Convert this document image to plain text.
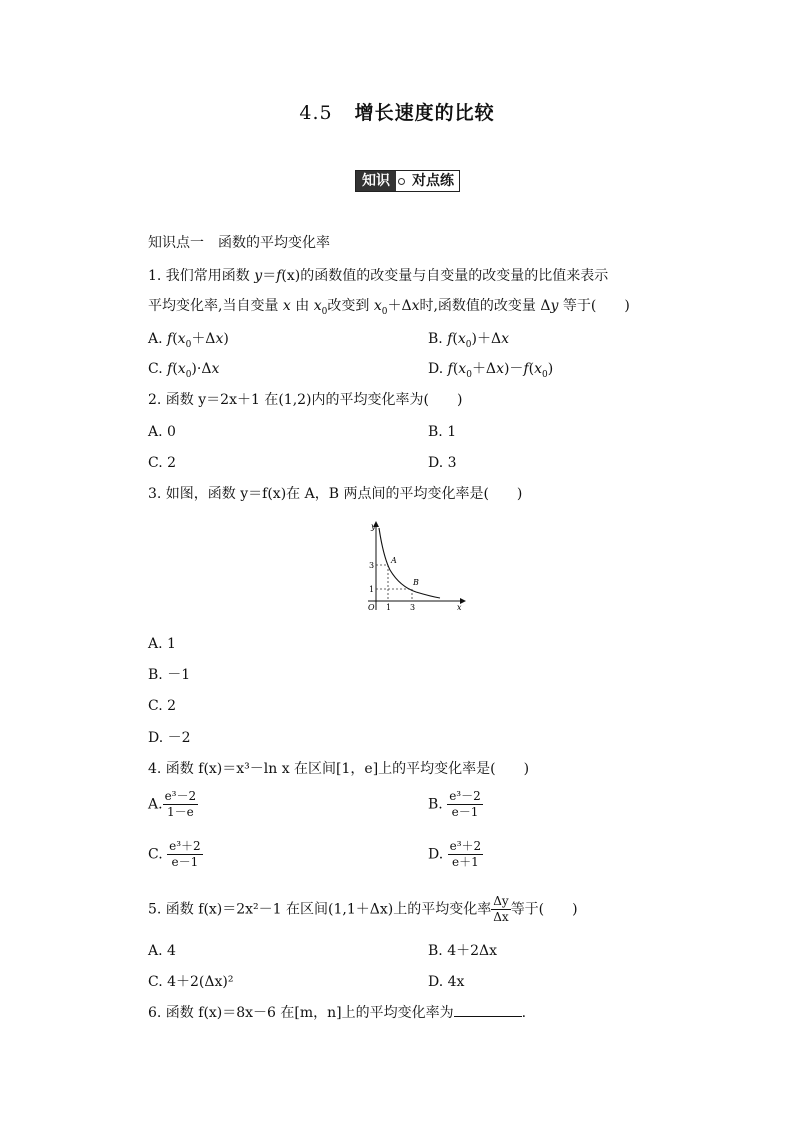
4.5 增长速度的比较
知识	对点练
知识点一　函数的平均变化率
1. 我们常用函数 y＝f(x)的函数值的改变量与自变量的改变量的比值来表示
平均变化率,当自变量 x 由 $x_0$改变到 $x_0+\Delta x$时,函数值的改变量 Δy 等于(　　)
A. $f(x_0+\Delta x)$	B. $f(x_0)+\Delta x$
C. $f(x_0)\cdot\Delta x$	D. $f(x_0+\Delta x)-f(x_0)$
2. 函数 y＝2x＋1 在(1,2)内的平均变化率为(　　)
A. 0	B. 1
C. 2	D. 3
3. 如图，函数 y＝f(x)在 A，B 两点间的平均变化率是(　　)
y
x
O
3
1
1 3
A
B
A. 1
B. －1
C. 2
D. －2
4. 函数 f(x)＝x³－ln x 在区间[1，e]上的平均变化率是(　　)
A. $\frac{\text{e³－2}}{1-e}$	B. $\frac{\text{e³－2}}{e-1}$
C. $\frac{\text{e³＋2}}{e-1}$	D. $\frac{\text{e³＋2}}{e+1}$
5. 函数 f(x)＝2x²－1 在区间(1,1＋Δx)上的平均变化率 $\frac{\Delta y}{\Delta x}$ 等于(　　)
A. 4	B. 4＋2Δx
C. 4＋2(Δx)²	D. 4x
6. 函数 f(x)＝8x－6 在[m，n]上的平均变化率为	.
